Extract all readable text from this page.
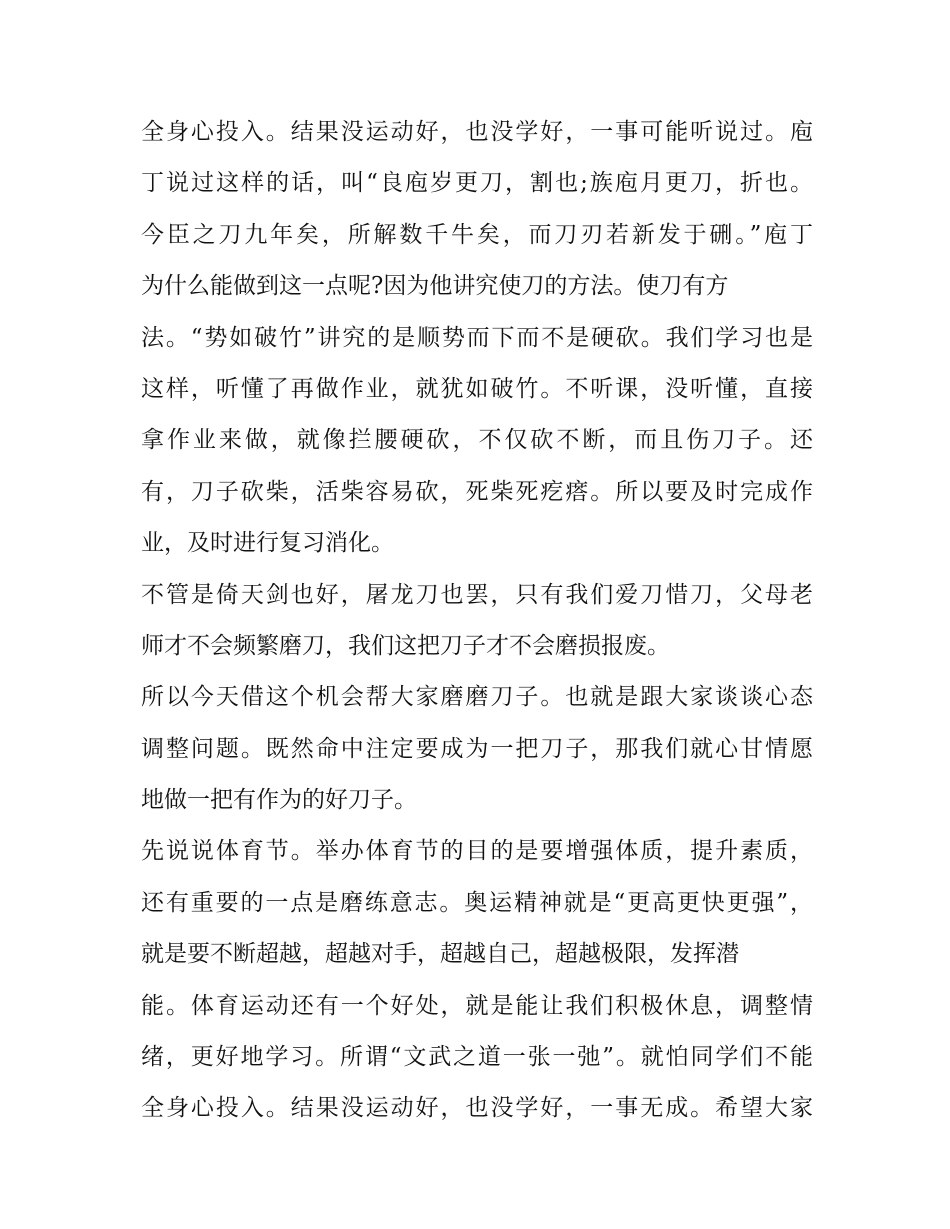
全身心投入。结果没运动好，也没学好，一事可能听说过。庖
丁说过这样的话，叫“良庖岁更刀，割也;族庖月更刀，折也。
今臣之刀九年矣，所解数千牛矣，而刀刃若新发于硎。”庖丁
为什么能做到这一点呢?因为他讲究使刀的方法。使刀有方
法。“势如破竹”讲究的是顺势而下而不是硬砍。我们学习也是
这样，听懂了再做作业，就犹如破竹。不听课，没听懂，直接
拿作业来做，就像拦腰硬砍，不仅砍不断，而且伤刀子。还
有，刀子砍柴，活柴容易砍，死柴死疙瘩。所以要及时完成作
业，及时进行复习消化。
不管是倚天剑也好，屠龙刀也罢，只有我们爱刀惜刀，父母老
师才不会频繁磨刀，我们这把刀子才不会磨损报废。
所以今天借这个机会帮大家磨磨刀子。也就是跟大家谈谈心态
调整问题。既然命中注定要成为一把刀子，那我们就心甘情愿
地做一把有作为的好刀子。
先说说体育节。举办体育节的目的是要增强体质，提升素质，
还有重要的一点是磨练意志。奥运精神就是“更高更快更强”，
就是要不断超越，超越对手，超越自己，超越极限，发挥潜
能。体育运动还有一个好处，就是能让我们积极休息，调整情
绪，更好地学习。所谓“文武之道一张一弛”。就怕同学们不能
全身心投入。结果没运动好，也没学好，一事无成。希望大家
